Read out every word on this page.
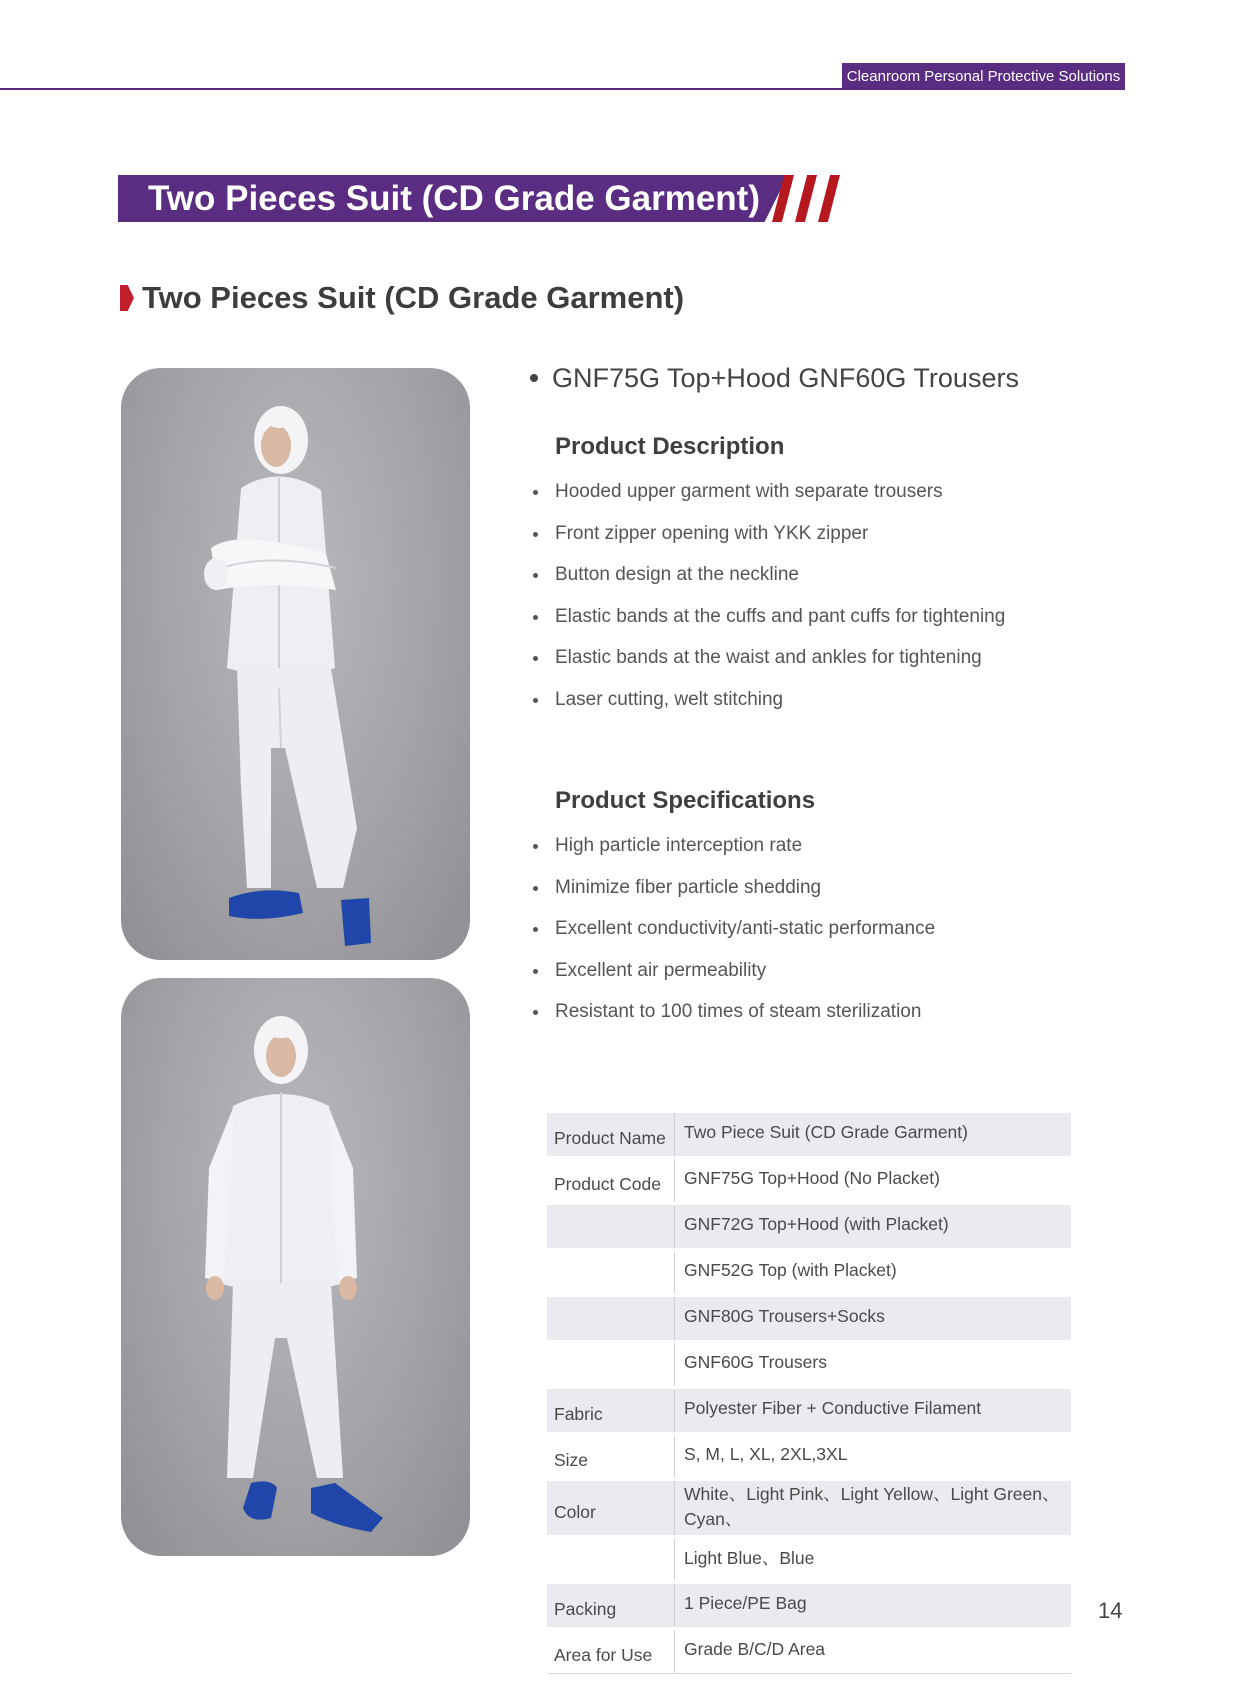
Cleanroom Personal Protective Solutions
Two Pieces Suit (CD Grade Garment)
Two Pieces Suit (CD Grade Garment)
GNF75G Top+Hood GNF60G Trousers
Product Description
Hooded upper garment with separate trousers
Front zipper opening with YKK zipper
Button design at the neckline
Elastic bands at the cuffs and pant cuffs for tightening
Elastic bands at the waist and ankles for tightening
Laser cutting, welt stitching
Product Specifications
High particle interception rate
Minimize fiber particle shedding
Excellent conductivity/anti-static performance
Excellent air permeability
Resistant to 100 times of steam sterilization
Product Name	Two Piece Suit (CD Grade Garment)
Product Code	GNF75G Top+Hood (No Placket)
	GNF72G Top+Hood (with Placket)
	GNF52G Top (with Placket)
	GNF80G Trousers+Socks
	GNF60G Trousers
Fabric	Polyester Fiber + Conductive Filament
Size	S, M, L, XL, 2XL,3XL
Color	White、Light Pink、Light Yellow、Light Green、Cyan、
	Light Blue、Blue
Packing	1 Piece/PE Bag
Area for Use	Grade B/C/D Area
14
